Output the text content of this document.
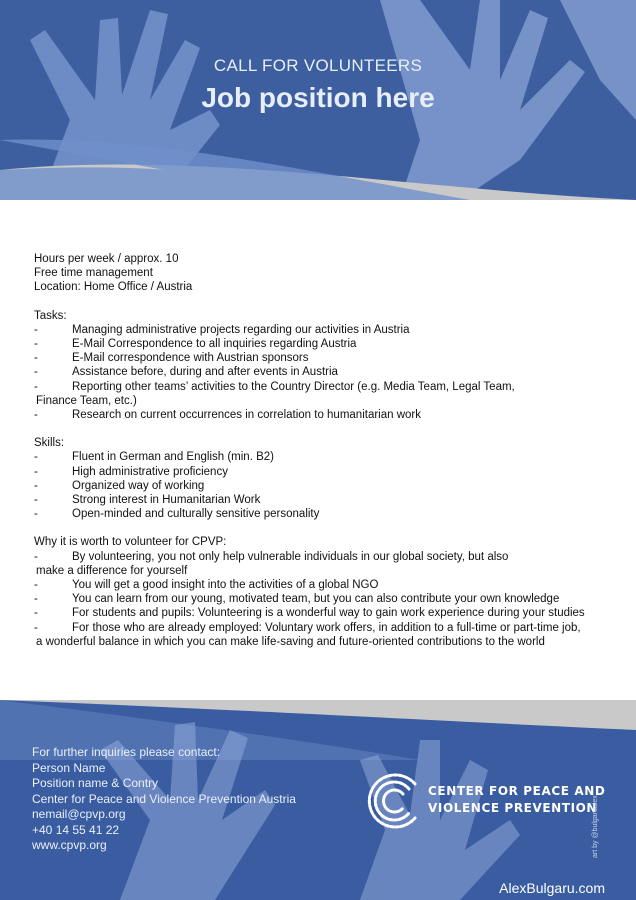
CALL FOR VOLUNTEERS
Job position here
Hours per week / approx. 10
Free time management
Location: Home Office / Austria
Tasks:
-	Managing administrative projects regarding our activities in Austria
-	E-Mail Correspondence to all inquiries regarding Austria
-	E-Mail correspondence with Austrian sponsors
-	Assistance before, during and after events in Austria
-	Reporting other teams’ activities to the Country Director (e.g. Media Team, Legal Team,
Finance Team, etc.)
-	Research on current occurrences in correlation to humanitarian work
Skills:
-	Fluent in German and English (min. B2)
-	High administrative proficiency
-	Organized way of working
-	Strong interest in Humanitarian Work
-	Open-minded and culturally sensitive personality
Why it is worth to volunteer for CPVP:
-	By volunteering, you not only help vulnerable individuals in our global society, but also
make a difference for yourself
-	You will get a good insight into the activities of a global NGO
-	You can learn from our young, motivated team, but you can also contribute your own knowledge
-	For students and pupils: Volunteering is a wonderful way to gain work experience during your studies
-	For those who are already employed: Voluntary work offers, in addition to a full-time or part-time job,
a wonderful balance in which you can make life-saving and future-oriented contributions to the world
For further inquiries please contact:
Person Name
Position name & Contry
Center for Peace and Violence Prevention Austria
nemail@cpvp.org
+40 14 55 41 22
www.cpvp.org
CENTER FOR PEACE AND
VIOLENCE PREVENTION
AlexBulgaru.com
art by @bulgarualex
